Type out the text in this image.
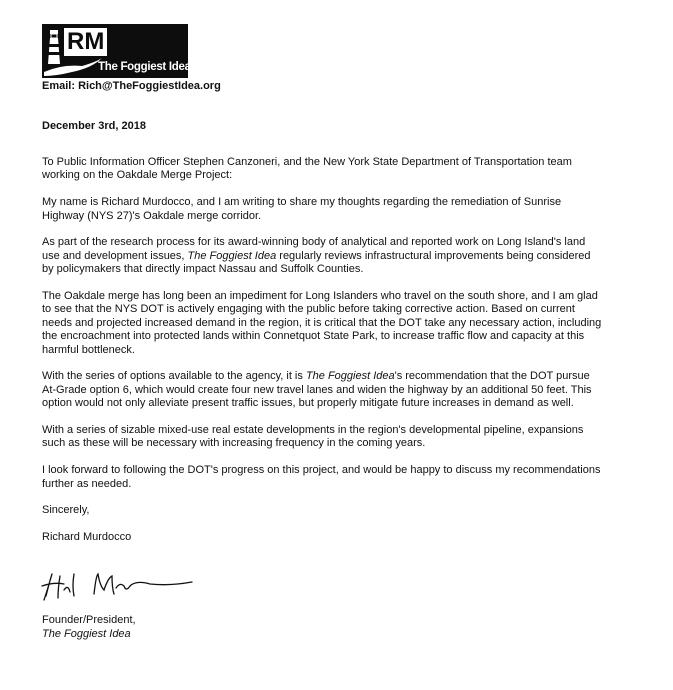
RM
The Foggiest Idea
Email: Rich@TheFoggiestIdea.org
December 3rd, 2018

To Public Information Officer Stephen Canzoneri, and the New York State Department of Transportation team working on the Oakdale Merge Project:

My name is Richard Murdocco, and I am writing to share my thoughts regarding the remediation of Sunrise Highway (NYS 27)'s Oakdale merge corridor.

As part of the research process for its award-winning body of analytical and reported work on Long Island's land use and development issues, The Foggiest Idea regularly reviews infrastructural improvements being considered by policymakers that directly impact Nassau and Suffolk Counties.

The Oakdale merge has long been an impediment for Long Islanders who travel on the south shore, and I am glad to see that the NYS DOT is actively engaging with the public before taking corrective action. Based on current needs and projected increased demand in the region, it is critical that the DOT take any necessary action, including the encroachment into protected lands within Connetquot State Park, to increase traffic flow and capacity at this harmful bottleneck.

With the series of options available to the agency, it is The Foggiest Idea's recommendation that the DOT pursue At-Grade option 6, which would create four new travel lanes and widen the highway by an additional 50 feet. This option would not only alleviate present traffic issues, but properly mitigate future increases in demand as well.

With a series of sizable mixed-use real estate developments in the region's developmental pipeline, expansions such as these will be necessary with increasing frequency in the coming years.

I look forward to following the DOT's progress on this project, and would be happy to discuss my recommendations further as needed.

Sincerely,

Richard Murdocco

Founder/President,
The Foggiest Idea
